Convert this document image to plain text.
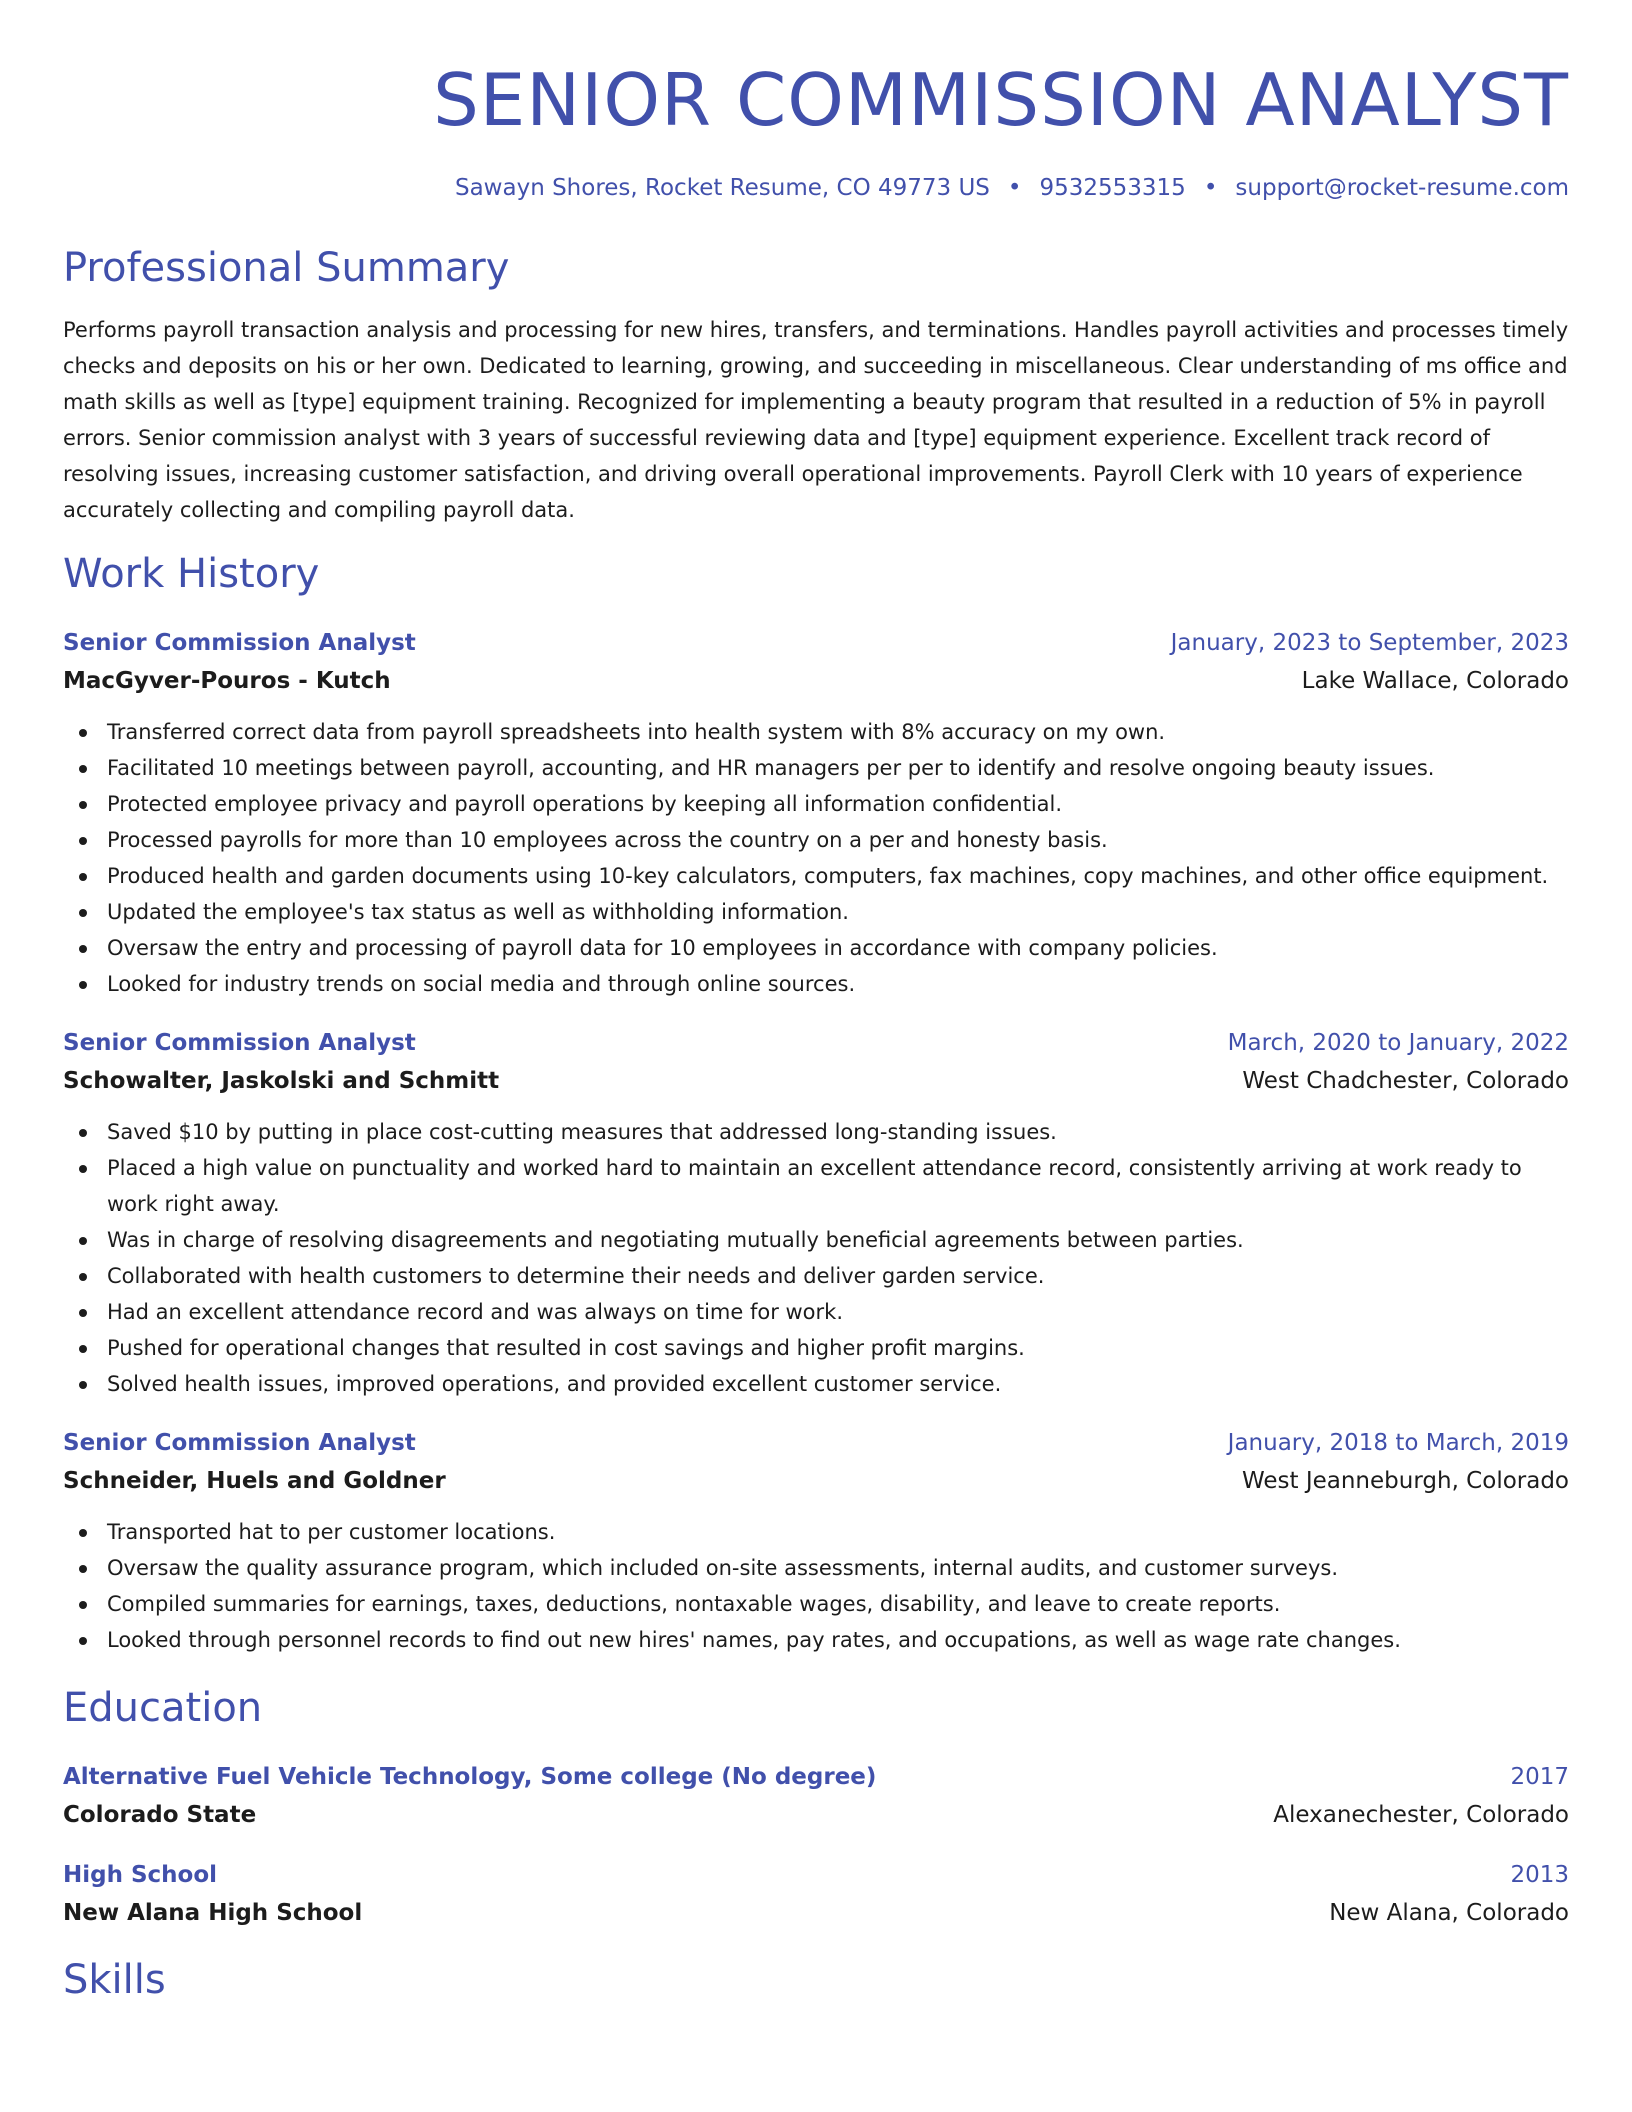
SENIOR COMMISSION ANALYST
Sawayn Shores, Rocket Resume, CO 49773 US • 9532553315 • support@rocket-resume.com
Professional Summary

Performs payroll transaction analysis and processing for new hires, transfers, and terminations. Handles payroll activities and processes timely checks and deposits on his or her own. Dedicated to learning, growing, and succeeding in miscellaneous. Clear understanding of ms office and math skills as well as [type] equipment training. Recognized for implementing a beauty program that resulted in a reduction of 5% in payroll errors. Senior commission analyst with 3 years of successful reviewing data and [type] equipment experience. Excellent track record of resolving issues, increasing customer satisfaction, and driving overall operational improvements. Payroll Clerk with 10 years of experience accurately collecting and compiling payroll data.

Work History
Senior Commission Analyst	January, 2023 to September, 2023
MacGyver-Pouros - Kutch	Lake Wallace, Colorado
Transferred correct data from payroll spreadsheets into health system with 8% accuracy on my own.
Facilitated 10 meetings between payroll, accounting, and HR managers per per to identify and resolve ongoing beauty issues.
Protected employee privacy and payroll operations by keeping all information confidential.
Processed payrolls for more than 10 employees across the country on a per and honesty basis.
Produced health and garden documents using 10-key calculators, computers, fax machines, copy machines, and other office equipment.
Updated the employee's tax status as well as withholding information.
Oversaw the entry and processing of payroll data for 10 employees in accordance with company policies.
Looked for industry trends on social media and through online sources.
Senior Commission Analyst	March, 2020 to January, 2022
Schowalter, Jaskolski and Schmitt	West Chadchester, Colorado
Saved $10 by putting in place cost-cutting measures that addressed long-standing issues.
Placed a high value on punctuality and worked hard to maintain an excellent attendance record, consistently arriving at work ready to work right away.
Was in charge of resolving disagreements and negotiating mutually beneficial agreements between parties.
Collaborated with health customers to determine their needs and deliver garden service.
Had an excellent attendance record and was always on time for work.
Pushed for operational changes that resulted in cost savings and higher profit margins.
Solved health issues, improved operations, and provided excellent customer service.
Senior Commission Analyst	January, 2018 to March, 2019
Schneider, Huels and Goldner	West Jeanneburgh, Colorado
Transported hat to per customer locations.
Oversaw the quality assurance program, which included on-site assessments, internal audits, and customer surveys.
Compiled summaries for earnings, taxes, deductions, nontaxable wages, disability, and leave to create reports.
Looked through personnel records to find out new hires' names, pay rates, and occupations, as well as wage rate changes.
Education
Alternative Fuel Vehicle Technology, Some college (No degree)	2017
Colorado State	Alexanechester, Colorado
High School	2013
New Alana High School	New Alana, Colorado
Skills
